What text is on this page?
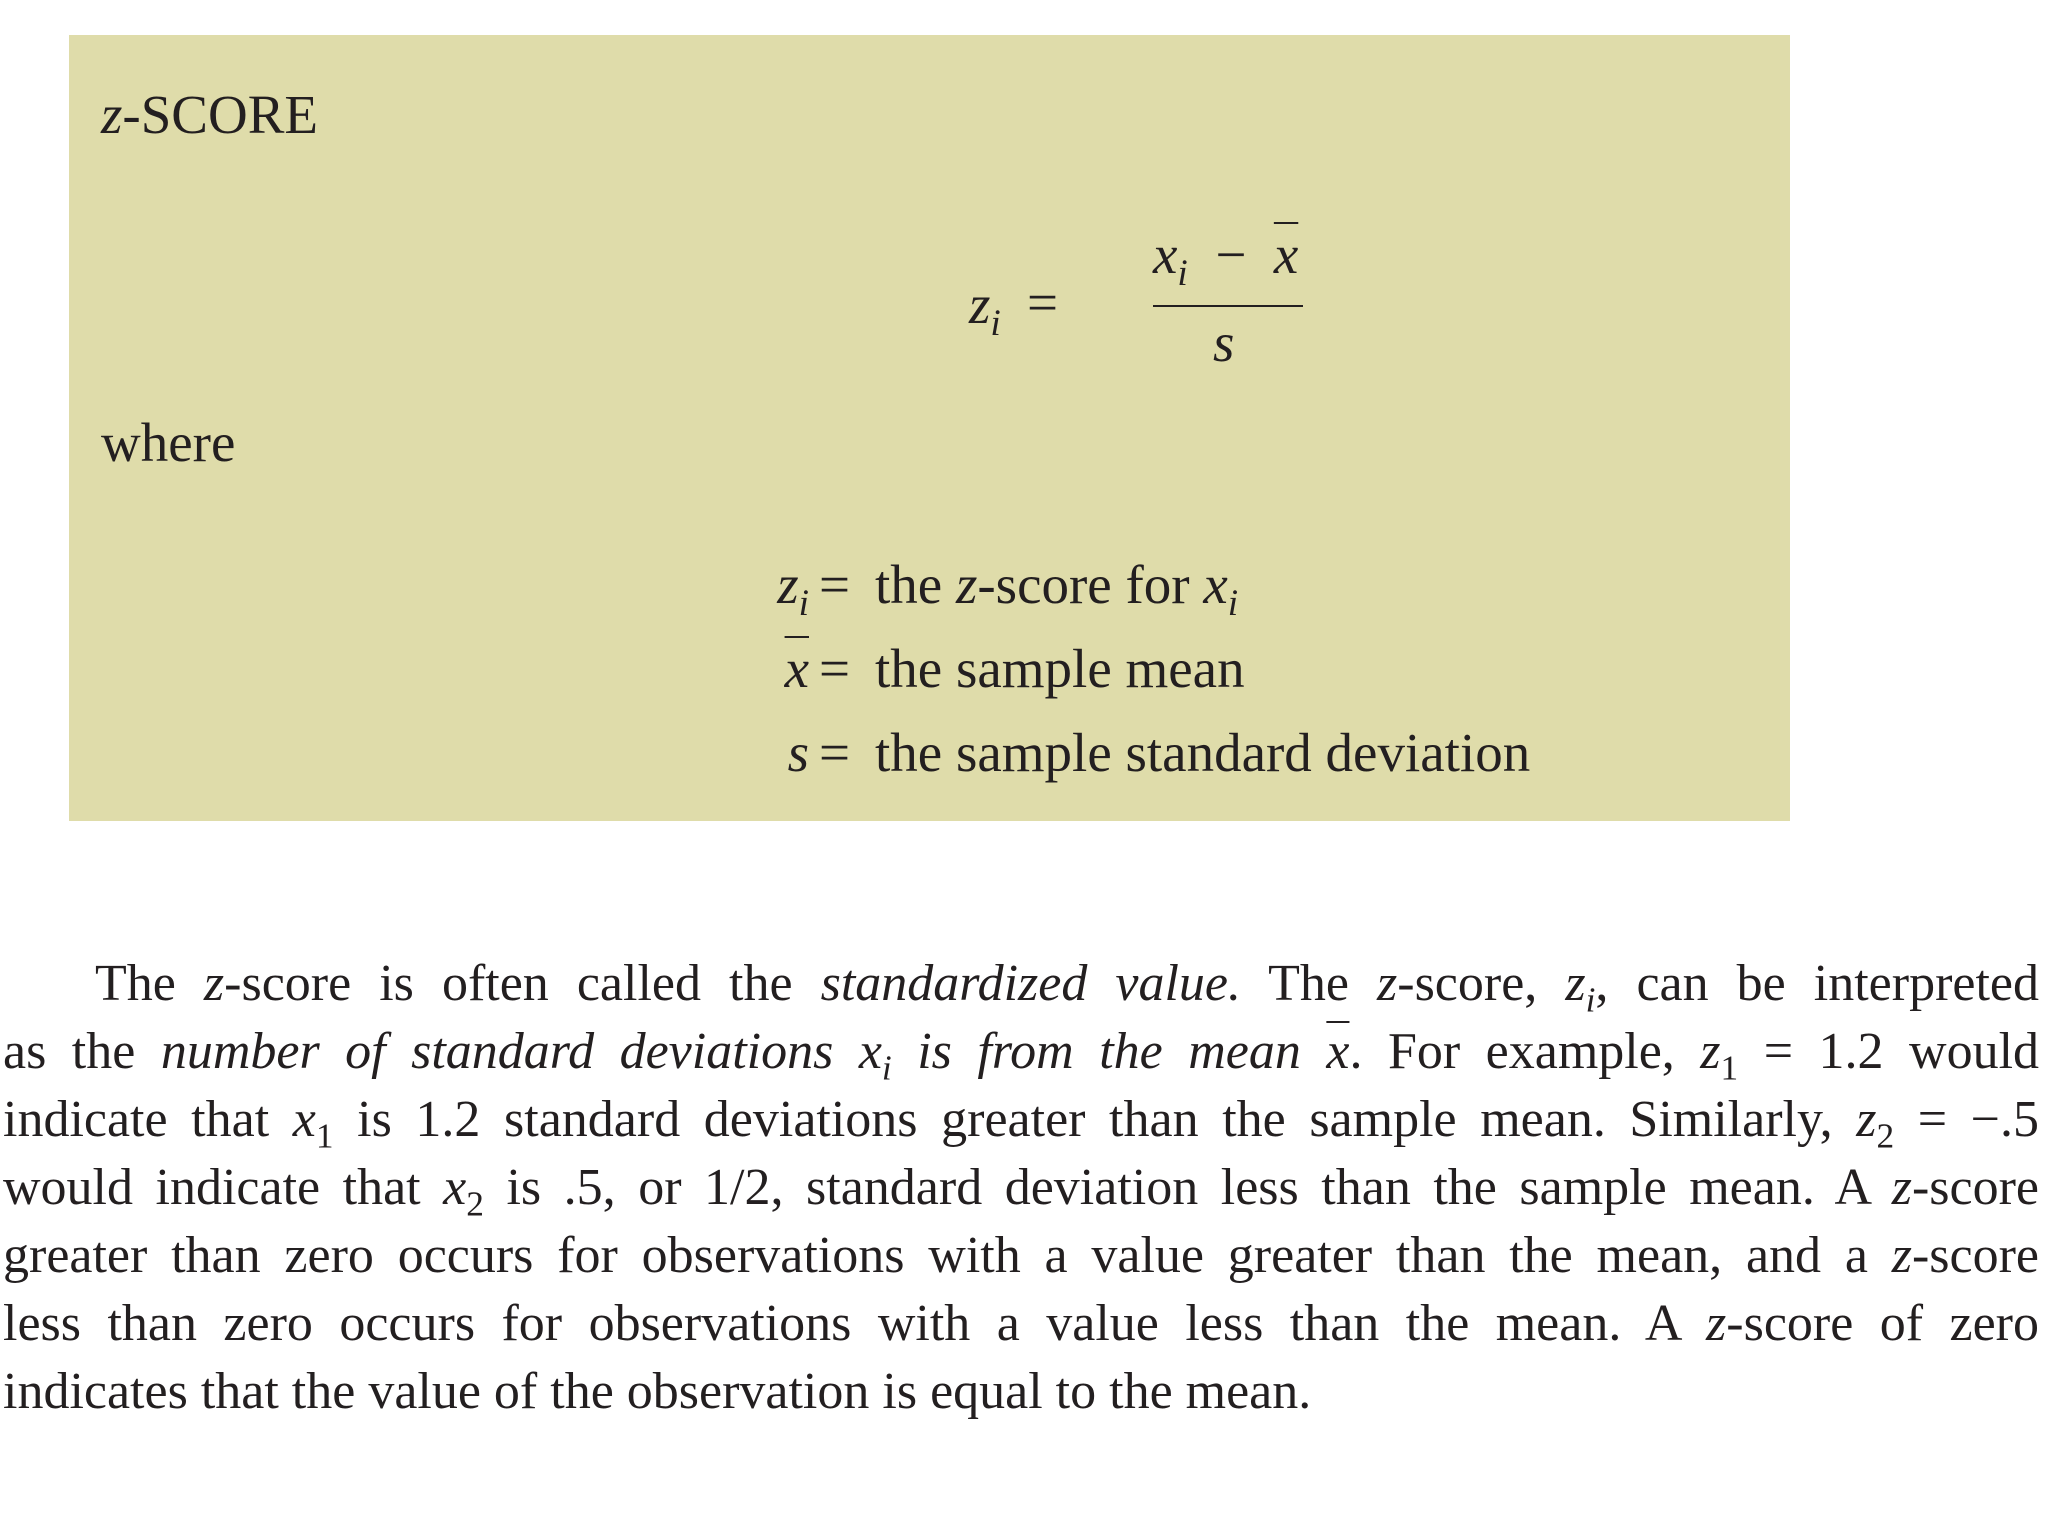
z-SCORE
$z_i$ =
$x_i - \overline{x}$
s
where
$z_i$ = the z-score for $x_i$
$\overline{x}$ = the sample mean
s = the sample standard deviation
The z-score is often called the standardized value. The z-score, $z_i$, can be interpreted
as the number of standard deviations $x_i$ is from the mean $\overline{x}$. For example, $z_1 = 1.2$ would
indicate that $x_1$ is 1.2 standard deviations greater than the sample mean. Similarly, $z_2 = -.5$
would indicate that $x_2$ is .5, or 1/2, standard deviation less than the sample mean. A z-score
greater than zero occurs for observations with a value greater than the mean, and a z-score
less than zero occurs for observations with a value less than the mean. A z-score of zero
indicates that the value of the observation is equal to the mean.
